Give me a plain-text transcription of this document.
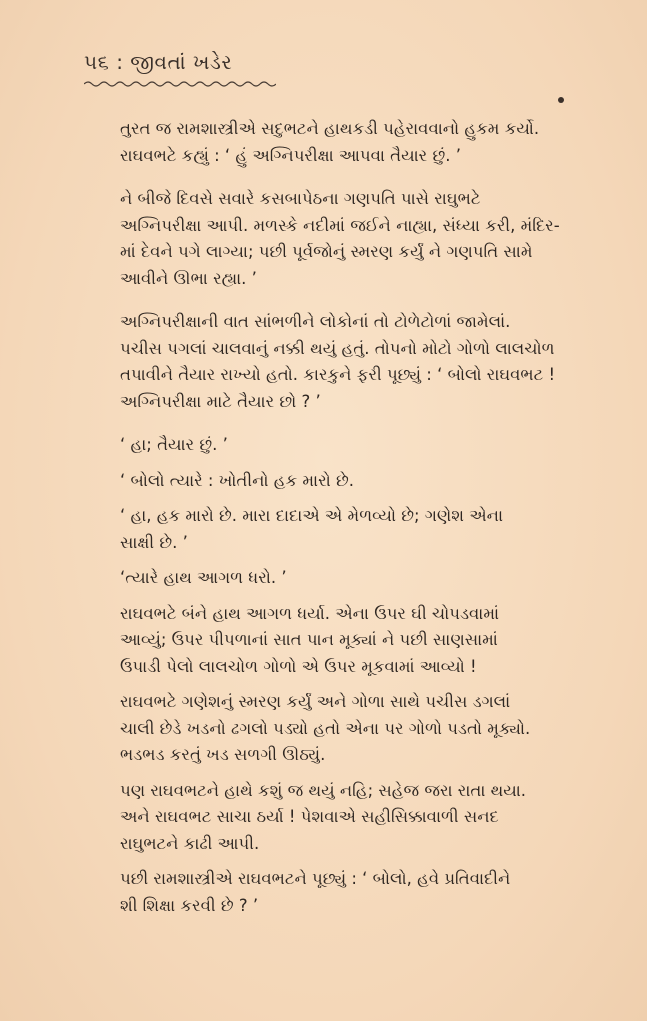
૫૬ : જીવતાં ખડેર

તુરત જ રામશાસ્ત્રીએ સદુભટને હાથકડી પહેરાવવાનો હુકમ કર્યો.
રાઘવભટે કહ્યું : ‘ હું અગ્નિપરીક્ષા આપવા તૈયાર છું. ’

ને બીજે દિવસે સવારે કસબાપેઠના ગણપતિ પાસે રાઘુભટે
અગ્નિપરીક્ષા આપી. મળસ્કે નદીમાં જઈને નાહ્યા, સંધ્યા કરી, મંદિર-
માં દેવને પગે લાગ્યા; પછી પૂર્વજોનું સ્મરણ કર્યું ને ગણપતિ સામે
આવીને ઊભા રહ્યા. ’

અગ્નિપરીક્ષાની વાત સાંભળીને લોકોનાં તો ટોળેટોળાં જામેલાં.
પચીસ પગલાં ચાલવાનું નક્કી થયું હતું. તોપનો મોટો ગોળો લાલચોળ
તપાવીને તૈયાર રાખ્યો હતો. કારકુને ફરી પૂછ્યું : ‘ બોલો રાઘવભટ !
અગ્નિપરીક્ષા માટે તૈયાર છો ? ’

‘ હા; તૈયાર છું. ’

‘ બોલો ત્યારે : ખોતીનો હક મારો છે.

‘ હા, હક મારો છે. મારા દાદાએ એ મેળવ્યો છે; ગણેશ એના
સાક્ષી છે. ’

‘ત્યારે હાથ આગળ ધરો. ’

રાઘવભટે બંને હાથ આગળ ધર્યા. એના ઉપર ઘી ચોપડવામાં
આવ્યું; ઉપર પીપળાનાં સાત પાન મૂક્યાં ને પછી સાણસામાં
ઉપાડી પેલો લાલચોળ ગોળો એ ઉપર મૂકવામાં આવ્યો !

રાઘવભટે ગણેશનું સ્મરણ કર્યું અને ગોળા સાથે પચીસ ડગલાં
ચાલી છેડે ખડનો ઢગલો પડ્યો હતો એના પર ગોળો પડતો મૂક્યો.
ભડભડ કરતું ખડ સળગી ઊઠ્યું.

પણ રાઘવભટને હાથે કશું જ થયું નહિ; સહેજ જરા રાતા થયા.
અને રાઘવભટ સાચા ઠર્યા ! પેશવાએ સહીસિક્કાવાળી સનદ
રાઘુભટને કાઢી આપી.

પછી રામશાસ્ત્રીએ રાઘવભટને પૂછ્યું : ‘ બોલો, હવે પ્રતિવાદીને
શી શિક્ષા કરવી છે ? ’
